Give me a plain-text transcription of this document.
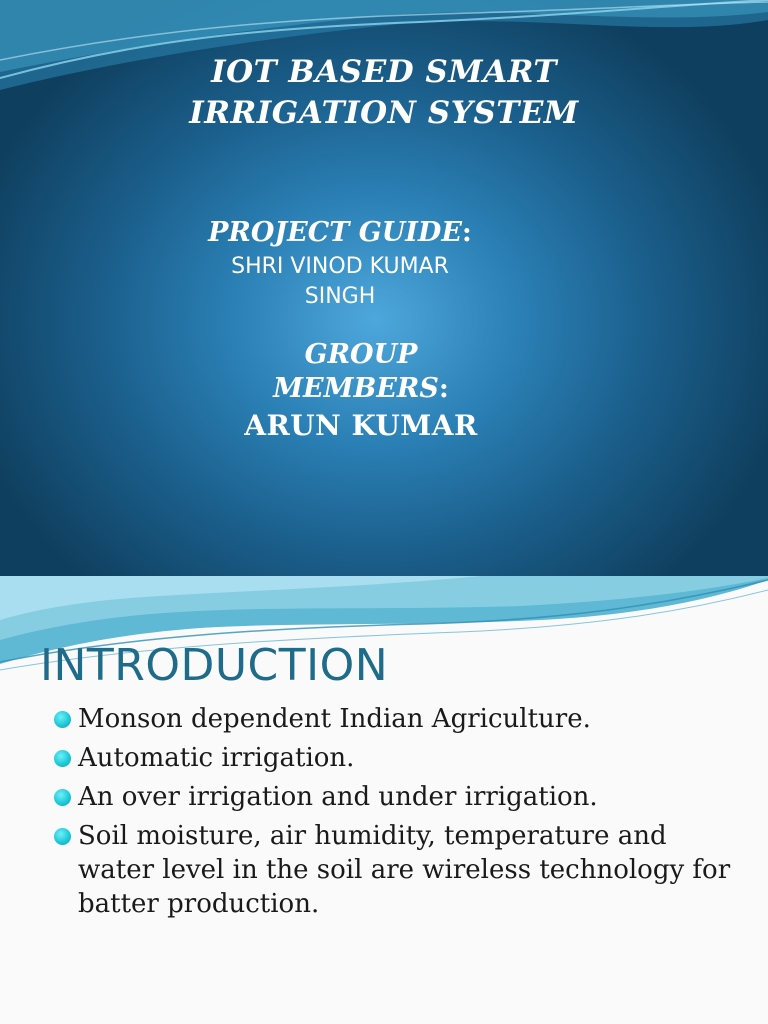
IOT BASED SMART
IRRIGATION SYSTEM
PROJECT GUIDE:
SHRI VINOD KUMAR
SINGH
GROUP
MEMBERS:
ARUN KUMAR
INTRODUCTION
Monson dependent Indian Agriculture.
Automatic irrigation.
An over irrigation and under irrigation.
Soil moisture, air humidity, temperature and water level in the soil are wireless technology for batter production.
